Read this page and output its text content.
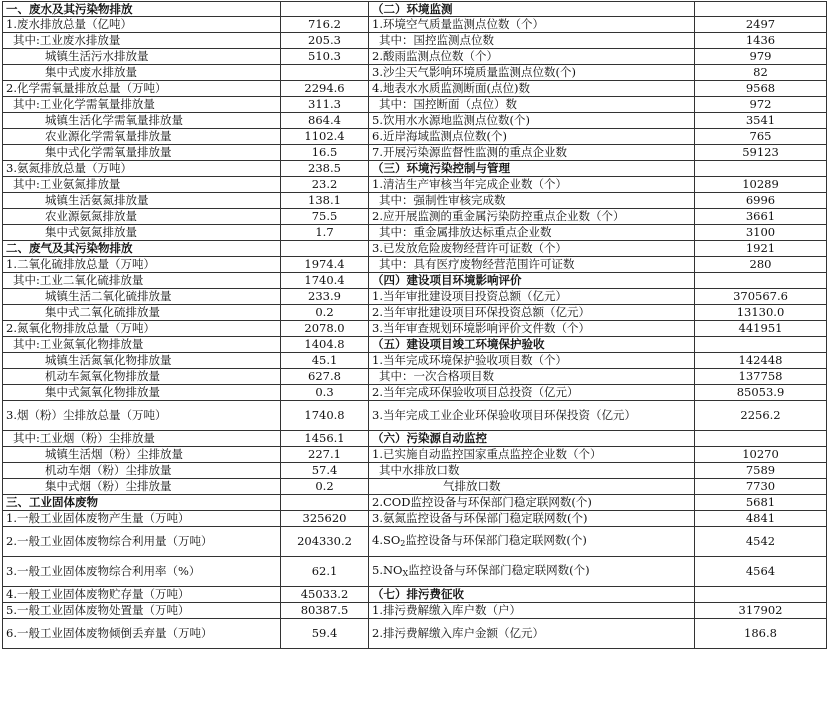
一、废水及其污染物排放		（二）环境监测	
1.废水排放总量（亿吨）	716.2	1.环境空气质量监测点位数（个）	2497
其中:工业废水排放量	205.3	其中：国控监测点位数	1436
城镇生活污水排放量	510.3	2.酸雨监测点位数（个）	979
集中式废水排放量		3.沙尘天气影响环境质量监测点位数(个)	82
2.化学需氧量排放总量（万吨）	2294.6	4.地表水水质监测断面(点位)数	9568
其中:工业化学需氧量排放量	311.3	其中：国控断面（点位）数	972
城镇生活化学需氧量排放量	864.4	5.饮用水水源地监测点位数(个)	3541
农业源化学需氧量排放量	1102.4	6.近岸海域监测点位数(个)	765
集中式化学需氧量排放量	16.5	7.开展污染源监督性监测的重点企业数	59123
3.氨氮排放总量（万吨）	238.5	（三）环境污染控制与管理	
其中:工业氨氮排放量	23.2	1.清洁生产审核当年完成企业数（个）	10289
城镇生活氨氮排放量	138.1	其中：强制性审核完成数	6996
农业源氨氮排放量	75.5	2.应开展监测的重金属污染防控重点企业数（个）	3661
集中式氨氮排放量	1.7	其中：重金属排放达标重点企业数	3100
二、废气及其污染物排放		3.已发放危险废物经营许可证数（个）	1921
1.二氧化硫排放总量（万吨）	1974.4	其中：具有医疗废物经营范围许可证数	280
其中:工业二氧化硫排放量	1740.4	（四）建设项目环境影响评价	
城镇生活二氧化硫排放量	233.9	1.当年审批建设项目投资总额（亿元）	370567.6
集中式二氧化硫排放量	0.2	2.当年审批建设项目环保投资总额（亿元）	13130.0
2.氮氧化物排放总量（万吨）	2078.0	3.当年审查规划环境影响评价文件数（个）	441951
其中:工业氮氧化物排放量	1404.8	（五）建设项目竣工环境保护验收	
城镇生活氮氧化物排放量	45.1	1.当年完成环境保护验收项目数（个）	142448
机动车氮氧化物排放量	627.8	其中：一次合格项目数	137758
集中式氮氧化物排放量	0.3	2.当年完成环保验收项目总投资（亿元）	85053.9
3.烟（粉）尘排放总量（万吨）	1740.8	3.当年完成工业企业环保验收项目环保投资（亿元）	2256.2
其中:工业烟（粉）尘排放量	1456.1	（六）污染源自动监控	
城镇生活烟（粉）尘排放量	227.1	1.已实施自动监控国家重点监控企业数（个）	10270
机动车烟（粉）尘排放量	57.4	其中水排放口数	7589
集中式烟（粉）尘排放量	0.2	气排放口数	7730
三、工业固体废物		2.COD监控设备与环保部门稳定联网数(个)	5681
1.一般工业固体废物产生量（万吨）	325620	3.氨氮监控设备与环保部门稳定联网数(个)	4841
2.一般工业固体废物综合利用量（万吨）	204330.2	4.SO2监控设备与环保部门稳定联网数(个)	4542
3.一般工业固体废物综合利用率（%）	62.1	5.NOX监控设备与环保部门稳定联网数(个)	4564
4.一般工业固体废物贮存量（万吨）	45033.2	（七）排污费征收	
5.一般工业固体废物处置量（万吨）	80387.5	1.排污费解缴入库户数（户）	317902
6.一般工业固体废物倾倒丢弃量（万吨）	59.4	2.排污费解缴入库户金额（亿元）	186.8
